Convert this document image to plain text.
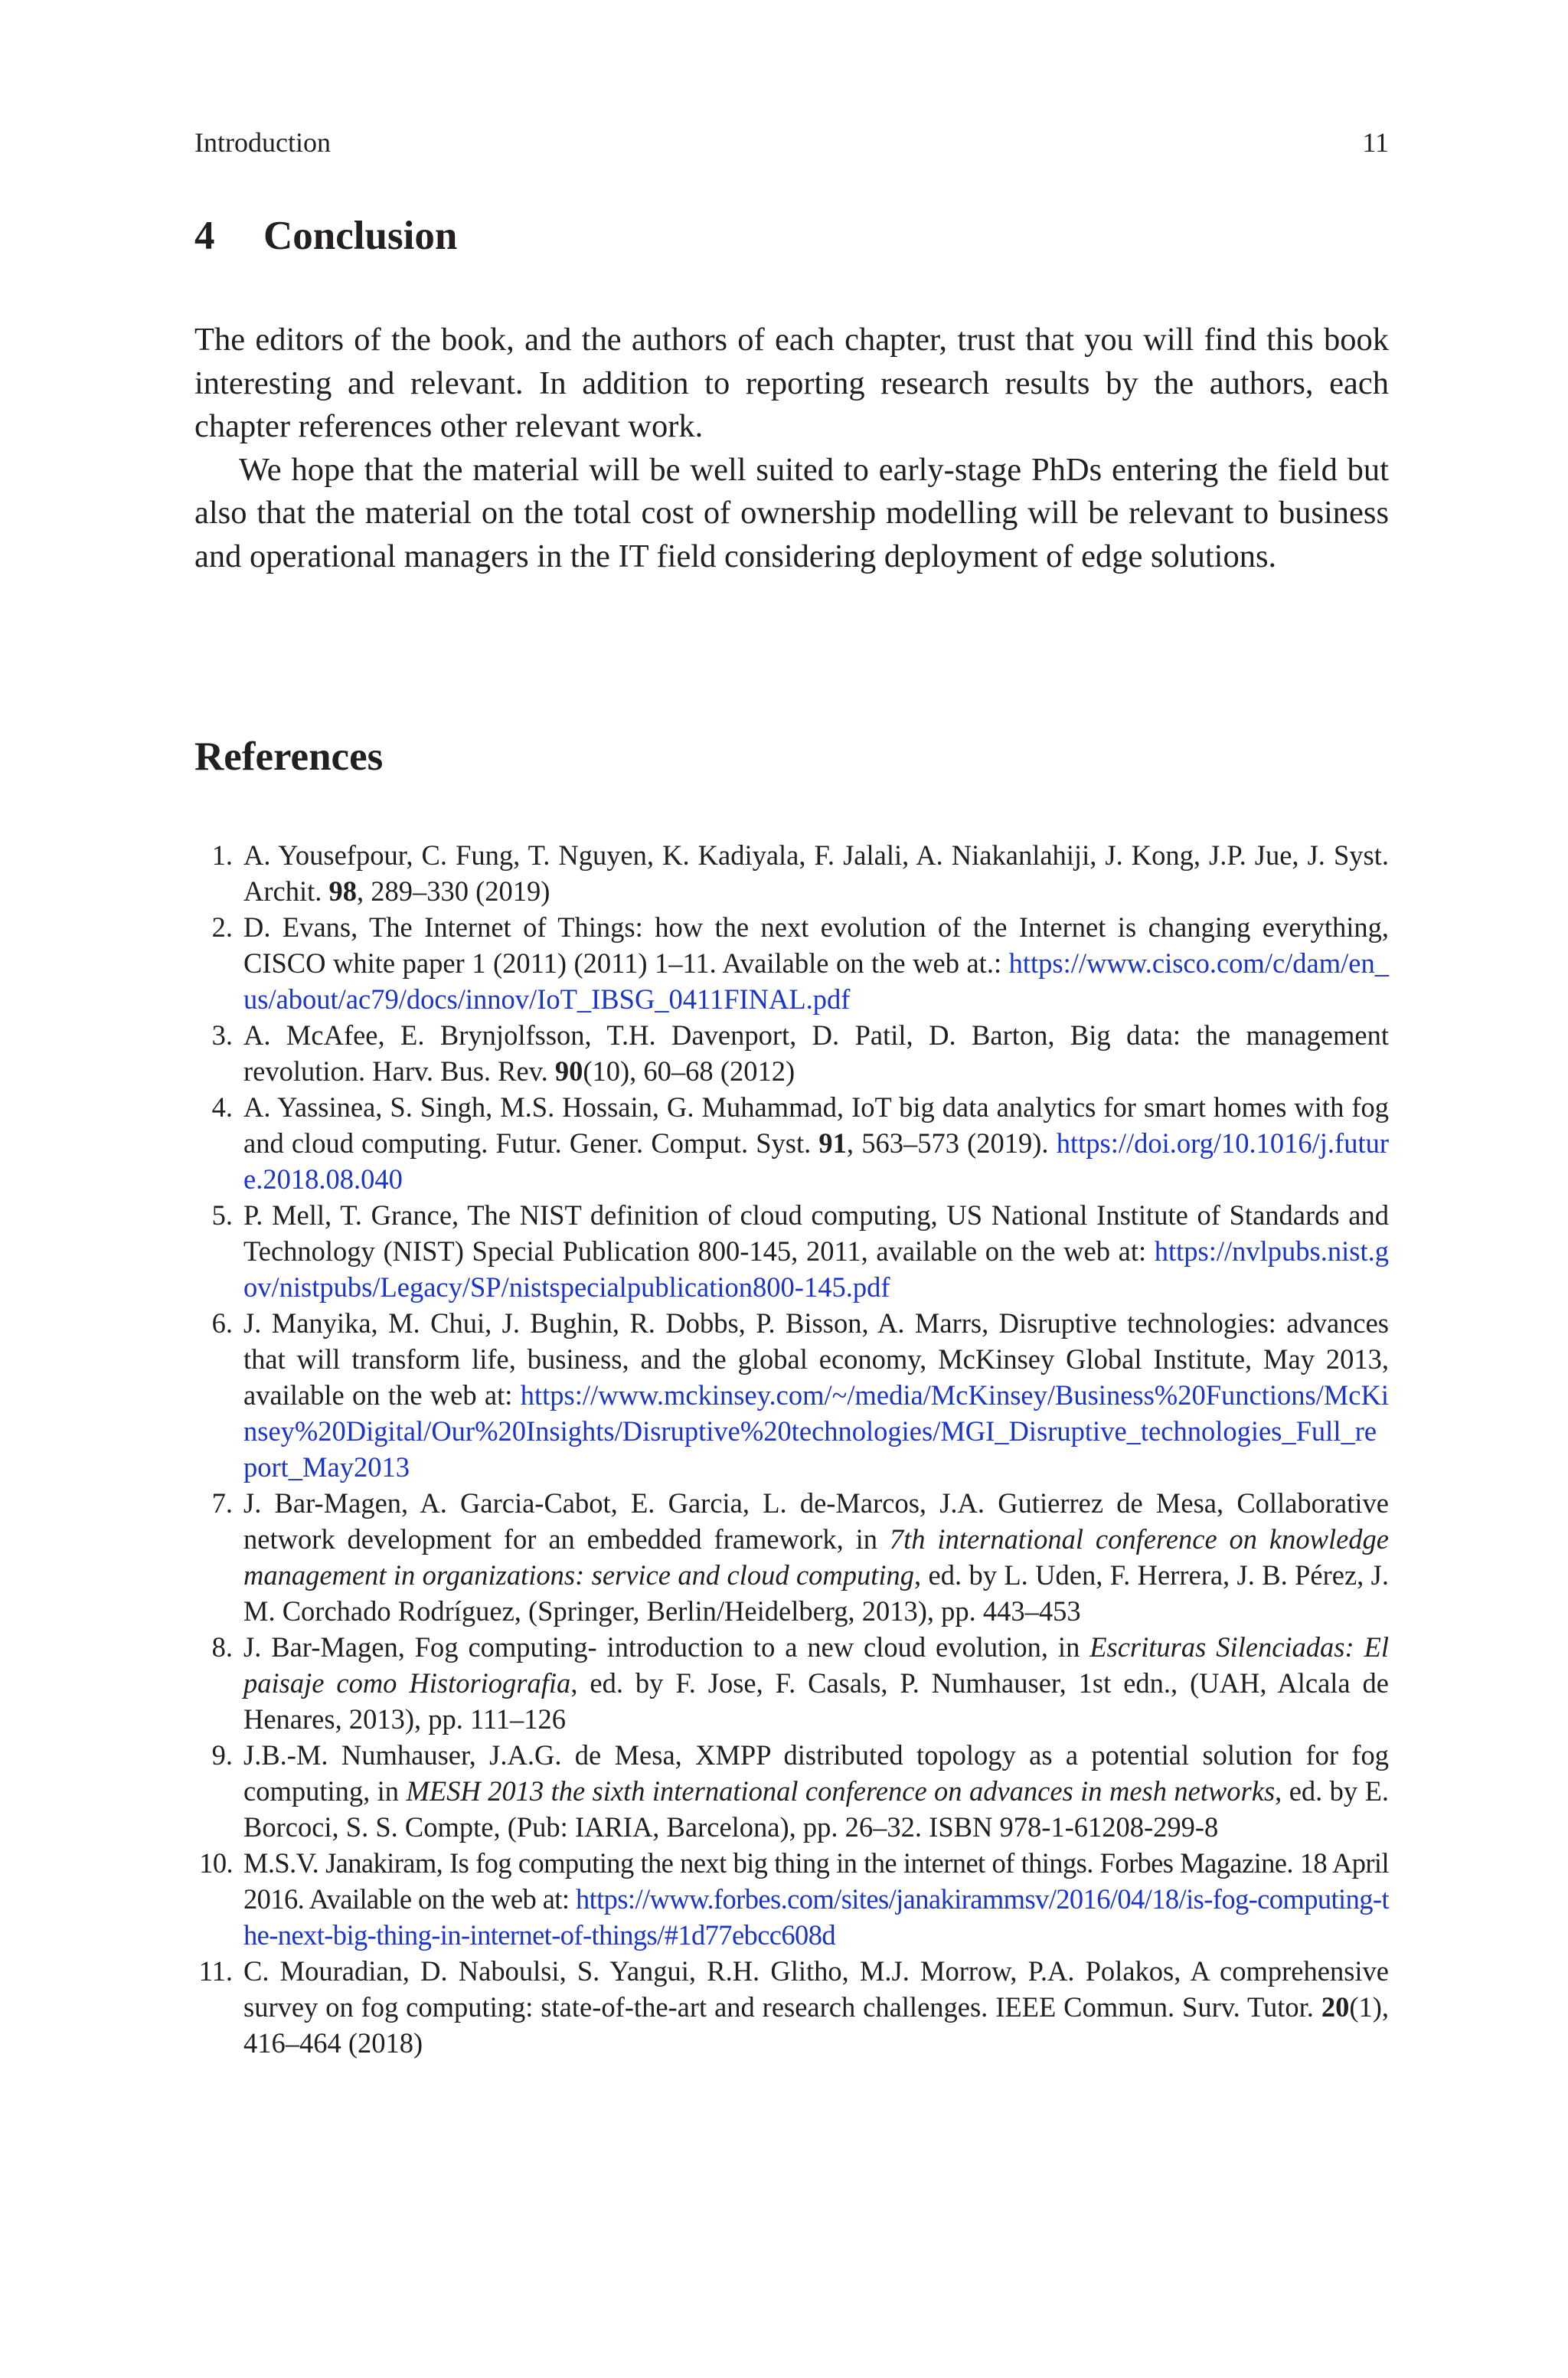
Introduction	11
4 Conclusion

The editors of the book, and the authors of each chapter, trust that you will find this book interesting and relevant. In addition to reporting research results by the authors, each chapter references other relevant work.

We hope that the material will be well suited to early-stage PhDs entering the field but also that the material on the total cost of ownership modelling will be relevant to business and operational managers in the IT field considering deployment of edge solutions.

References
1. A. Yousefpour, C. Fung, T. Nguyen, K. Kadiyala, F. Jalali, A. Niakanlahiji, J. Kong, J.P. Jue, J. Syst. Archit. 98, 289–330 (2019)
2. D. Evans, The Internet of Things: how the next evolution of the Internet is changing everything, CISCO white paper 1 (2011) (2011) 1–11. Available on the web at.: https://www.cisco.com/c/dam/en_us/about/ac79/docs/innov/IoT_IBSG_0411FINAL.pdf
3. A. McAfee, E. Brynjolfsson, T.H. Davenport, D. Patil, D. Barton, Big data: the management revolution. Harv. Bus. Rev. 90(10), 60–68 (2012)
4. A. Yassinea, S. Singh, M.S. Hossain, G. Muhammad, IoT big data analytics for smart homes with fog and cloud computing. Futur. Gener. Comput. Syst. 91, 563–573 (2019). https://doi.org/10.1016/j.future.2018.08.040
5. P. Mell, T. Grance, The NIST definition of cloud computing, US National Institute of Standards and Technology (NIST) Special Publication 800-145, 2011, available on the web at: https://nvlpubs.nist.gov/nistpubs/Legacy/SP/nistspecialpublication800-145.pdf
6. J. Manyika, M. Chui, J. Bughin, R. Dobbs, P. Bisson, A. Marrs, Disruptive technologies: advances that will transform life, business, and the global economy, McKinsey Global Institute, May 2013, available on the web at: https://www.mckinsey.com/~/media/McKinsey/Business%20Functions/McKinsey%20Digital/Our%20Insights/Disruptive%20technologies/MGI_Disruptive_technologies_Full_report_May2013
7. J. Bar-Magen, A. Garcia-Cabot, E. Garcia, L. de-Marcos, J.A. Gutierrez de Mesa, Collaborative network development for an embedded framework, in 7th international conference on knowledge management in organizations: service and cloud computing, ed. by L. Uden, F. Herrera, J. B. Pérez, J. M. Corchado Rodríguez, (Springer, Berlin/Heidelberg, 2013), pp. 443–453
8. J. Bar-Magen, Fog computing- introduction to a new cloud evolution, in Escrituras Silenciadas: El paisaje como Historiografia, ed. by F. Jose, F. Casals, P. Numhauser, 1st edn., (UAH, Alcala de Henares, 2013), pp. 111–126
9. J.B.-M. Numhauser, J.A.G. de Mesa, XMPP distributed topology as a potential solution for fog computing, in MESH 2013 the sixth international conference on advances in mesh networks, ed. by E. Borcoci, S. S. Compte, (Pub: IARIA, Barcelona), pp. 26–32. ISBN 978-1-61208-299-8
10. M.S.V. Janakiram, Is fog computing the next big thing in the internet of things. Forbes Magazine. 18 April 2016. Available on the web at: https://www.forbes.com/sites/janakirammsv/2016/04/18/is-fog-computing-the-next-big-thing-in-internet-of-things/#1d77ebcc608d
11. C. Mouradian, D. Naboulsi, S. Yangui, R.H. Glitho, M.J. Morrow, P.A. Polakos, A comprehensive survey on fog computing: state-of-the-art and research challenges. IEEE Commun. Surv. Tutor. 20(1), 416–464 (2018)
